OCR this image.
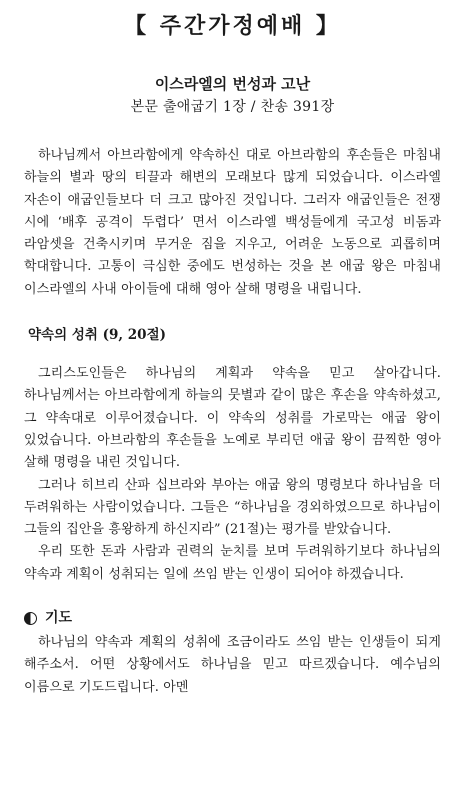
【 주간가정예배 】
이스라엘의 번성과 고난

본문 출애굽기 1장 / 찬송 391장

하나님께서 아브라함에게 약속하신 대로 아브라함의 후손들은 마침내 하늘의 별과 땅의 티끌과 해변의 모래보다 많게 되었습니다. 이스라엘 자손이 애굽인들보다 더 크고 많아진 것입니다. 그러자 애굽인들은 전쟁 시에 ‘배후 공격이 두렵다’ 면서 이스라엘 백성들에게 국고성 비돔과 라암셋을 건축시키며 무거운 짐을 지우고, 어려운 노동으로 괴롭히며 학대합니다. 고통이 극심한 중에도 번성하는 것을 본 애굽 왕은 마침내 이스라엘의 사내 아이들에 대해 영아 살해 명령을 내립니다.

약속의 성취 (9, 20절)

그리스도인들은 하나님의 계획과 약속을 믿고 살아갑니다. 하나님께서는 아브라함에게 하늘의 뭇별과 같이 많은 후손을 약속하셨고, 그 약속대로 이루어졌습니다. 이 약속의 성취를 가로막는 애굽 왕이 있었습니다. 아브라함의 후손들을 노예로 부리던 애굽 왕이 끔찍한 영아 살해 명령을 내린 것입니다.

그러나 히브리 산파 십브라와 부아는 애굽 왕의 명령보다 하나님을 더 두려워하는 사람이었습니다. 그들은 “하나님을 경외하였으므로 하나님이 그들의 집안을 흥왕하게 하신지라” (21절)는 평가를 받았습니다.

우리 또한 돈과 사람과 권력의 눈치를 보며 두려워하기보다 하나님의 약속과 계획이 성취되는 일에 쓰임 받는 인생이 되어야 하겠습니다.

기도

하나님의 약속과 계획의 성취에 조금이라도 쓰임 받는 인생들이 되게 해주소서. 어떤 상황에서도 하나님을 믿고 따르겠습니다. 예수님의 이름으로 기도드립니다. 아멘
